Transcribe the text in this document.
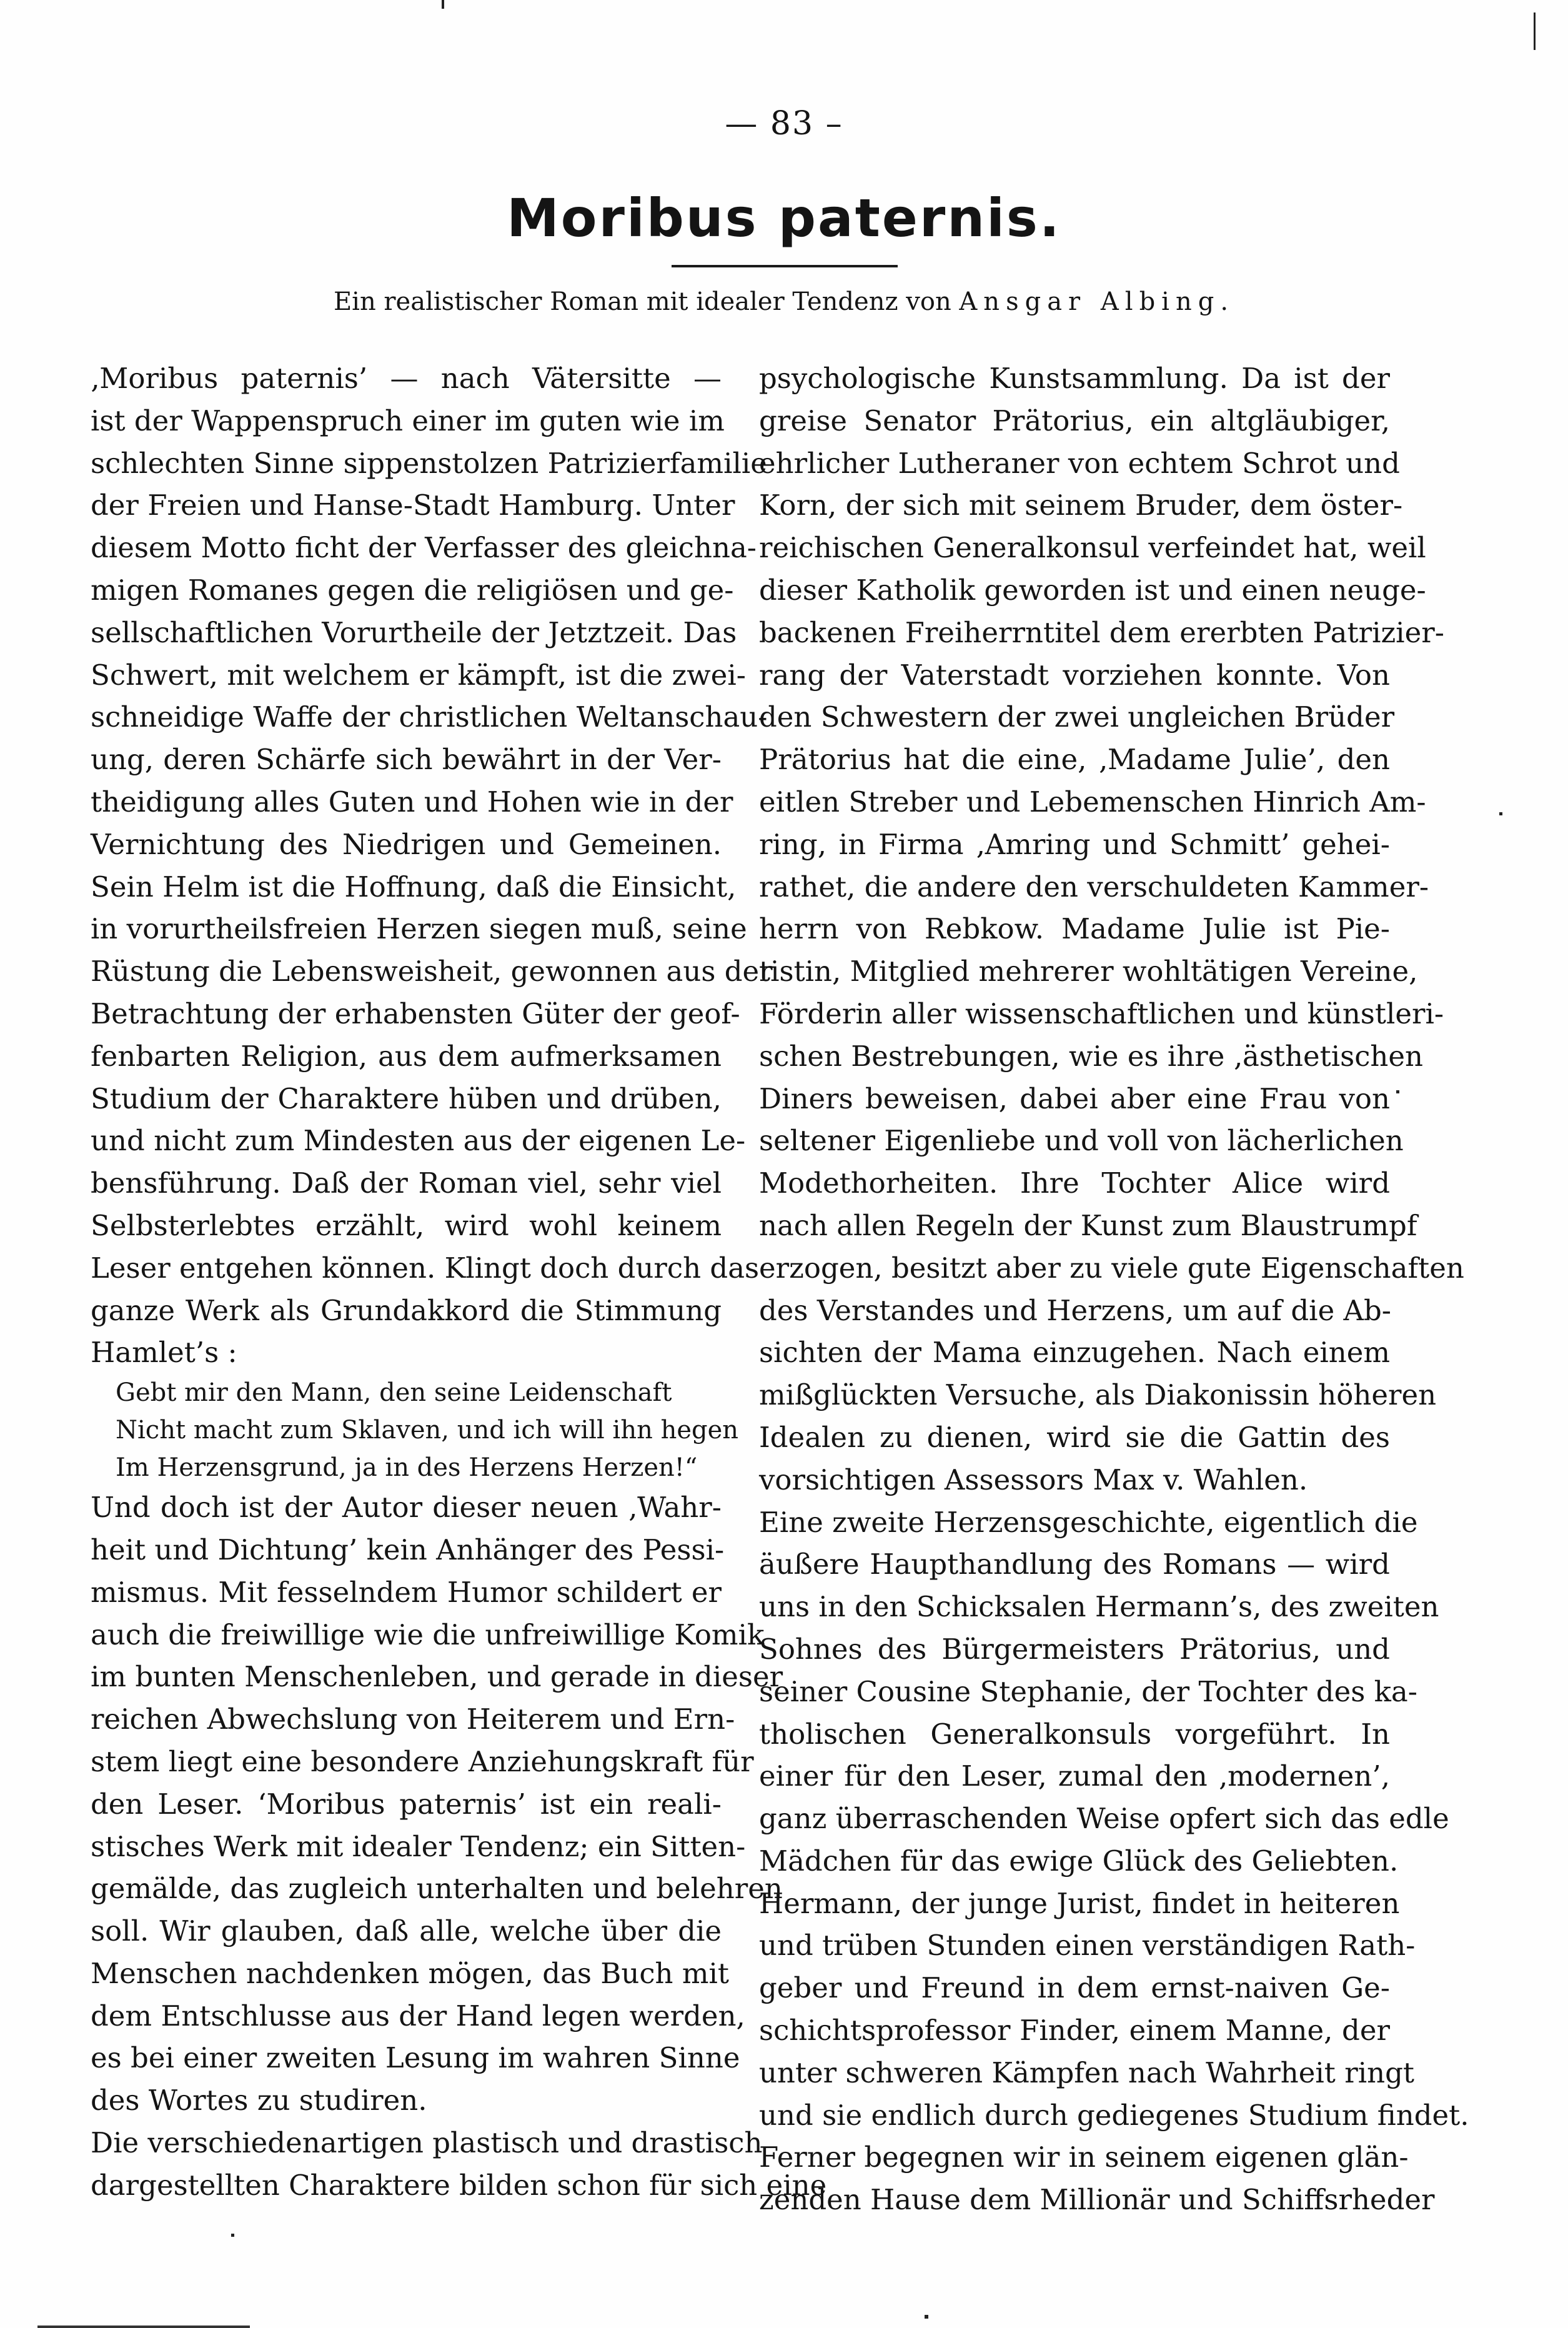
— 83 –
Moribus paternis.
Ein realistischer Roman mit idealer Tendenz von Ansgar Albing.
‚Moribus paternis’ — nach Vätersitte —
ist der Wappenspruch einer im guten wie im
schlechten Sinne sippenstolzen Patrizierfamilie
der Freien und Hanse-Stadt Hamburg. Unter
diesem Motto ficht der Verfasser des gleichna-
migen Romanes gegen die religiösen und ge-
sellschaftlichen Vorurtheile der Jetztzeit. Das
Schwert, mit welchem er kämpft, ist die zwei-
schneidige Waffe der christlichen Weltanschau-
ung, deren Schärfe sich bewährt in der Ver-
theidigung alles Guten und Hohen wie in der
Vernichtung des Niedrigen und Gemeinen.
Sein Helm ist die Hoffnung, daß die Einsicht,
in vorurtheilsfreien Herzen siegen muß, seine
Rüstung die Lebensweisheit, gewonnen aus der
Betrachtung der erhabensten Güter der geof-
fenbarten Religion, aus dem aufmerksamen
Studium der Charaktere hüben und drüben,
und nicht zum Mindesten aus der eigenen Le-
bensführung. Daß der Roman viel, sehr viel
Selbsterlebtes erzählt, wird wohl keinem
Leser entgehen können. Klingt doch durch das
ganze Werk als Grundakkord die Stimmung
Hamlet’s :
Gebt mir den Mann, den seine Leidenschaft
Nicht macht zum Sklaven, und ich will ihn hegen
Im Herzensgrund, ja in des Herzens Herzen!“
Und doch ist der Autor dieser neuen ‚Wahr-
heit und Dichtung’ kein Anhänger des Pessi-
mismus. Mit fesselndem Humor schildert er
auch die freiwillige wie die unfreiwillige Komik
im bunten Menschenleben, und gerade in dieser
reichen Abwechslung von Heiterem und Ern-
stem liegt eine besondere Anziehungskraft für
den Leser. ‘Moribus paternis’ ist ein reali-
stisches Werk mit idealer Tendenz; ein Sitten-
gemälde, das zugleich unterhalten und belehren
soll. Wir glauben, daß alle, welche über die
Menschen nachdenken mögen, das Buch mit
dem Entschlusse aus der Hand legen werden,
es bei einer zweiten Lesung im wahren Sinne
des Wortes zu studiren.
Die verschiedenartigen plastisch und drastisch
dargestellten Charaktere bilden schon für sich eine
psychologische Kunstsammlung. Da ist der
greise Senator Prätorius, ein altgläubiger,
ehrlicher Lutheraner von echtem Schrot und
Korn, der sich mit seinem Bruder, dem öster-
reichischen Generalkonsul verfeindet hat, weil
dieser Katholik geworden ist und einen neuge-
backenen Freiherrntitel dem ererbten Patrizier-
rang der Vaterstadt vorziehen konnte. Von
den Schwestern der zwei ungleichen Brüder
Prätorius hat die eine, ‚Madame Julie’, den
eitlen Streber und Lebemenschen Hinrich Am-
ring, in Firma ‚Amring und Schmitt’ gehei-
rathet, die andere den verschuldeten Kammer-
herrn von Rebkow. Madame Julie ist Pie-
tistin, Mitglied mehrerer wohltätigen Vereine,
Förderin aller wissenschaftlichen und künstleri-
schen Bestrebungen, wie es ihre ‚ästhetischen
Diners beweisen, dabei aber eine Frau von
seltener Eigenliebe und voll von lächerlichen
Modethorheiten. Ihre Tochter Alice wird
nach allen Regeln der Kunst zum Blaustrumpf
erzogen, besitzt aber zu viele gute Eigenschaften
des Verstandes und Herzens, um auf die Ab-
sichten der Mama einzugehen. Nach einem
mißglückten Versuche, als Diakonissin höheren
Idealen zu dienen, wird sie die Gattin des
vorsichtigen Assessors Max v. Wahlen.
Eine zweite Herzensgeschichte, eigentlich die
äußere Haupthandlung des Romans — wird
uns in den Schicksalen Hermann’s, des zweiten
Sohnes des Bürgermeisters Prätorius, und
seiner Cousine Stephanie, der Tochter des ka-
tholischen Generalkonsuls vorgeführt. In
einer für den Leser, zumal den ‚modernen’,
ganz überraschenden Weise opfert sich das edle
Mädchen für das ewige Glück des Geliebten.
Hermann, der junge Jurist, findet in heiteren
und trüben Stunden einen verständigen Rath-
geber und Freund in dem ernst-naiven Ge-
schichtsprofessor Finder, einem Manne, der
unter schweren Kämpfen nach Wahrheit ringt
und sie endlich durch gediegenes Studium findet.
Ferner begegnen wir in seinem eigenen glän-
zenden Hause dem Millionär und Schiffsrheder
